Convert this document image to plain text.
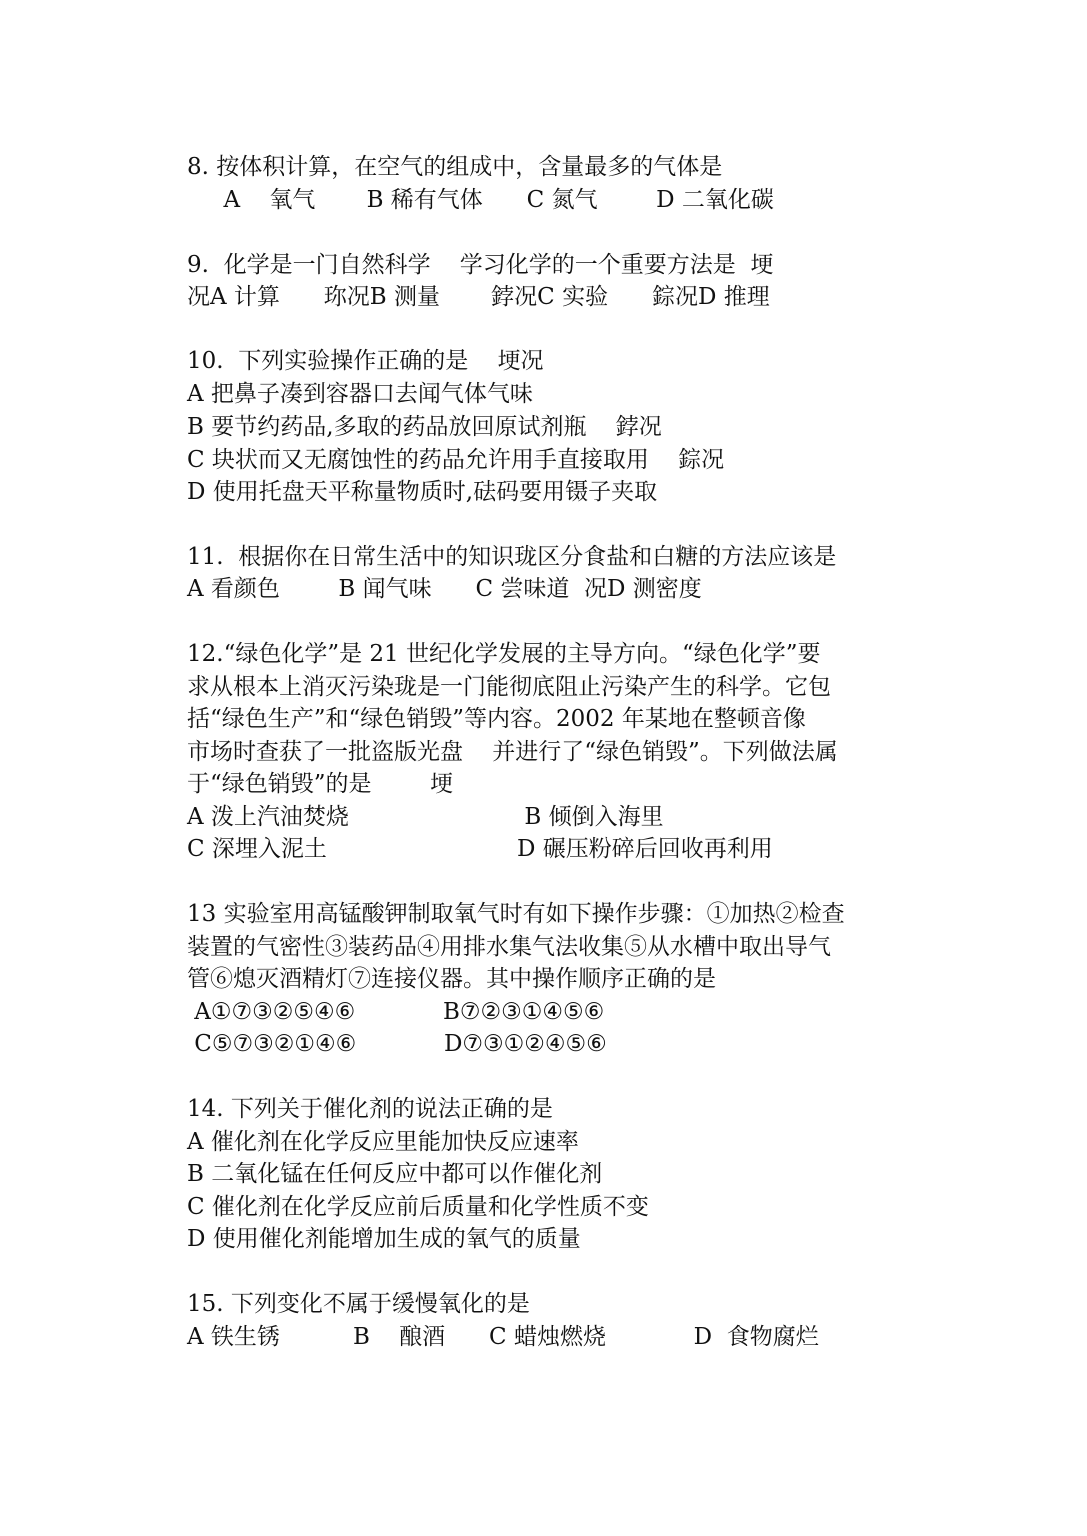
8. 按体积计算，在空气的组成中，含量最多的气体是
A    氧气       B 稀有气体      C 氮气        D 二氧化碳
9.  化学是一门自然科学    学习化学的一个重要方法是  埂
况A 计算      珎况B 测量       鋍况C 实验      錝况D 推理
10.  下列实验操作正确的是    埂况
A 把鼻子凑到容器口去闻气体气味
B 要节约药品,多取的药品放回原试剂瓶    鋍况
C 块状而又无腐蚀性的药品允许用手直接取用    錝况
D 使用托盘天平称量物质时,砝码要用镊子夹取
11.  根据你在日常生活中的知识珑区分食盐和白糖的方法应该是
A 看颜色        B 闻气味      C 尝味道  况D 测密度
12.“绿色化学”是 21 世纪化学发展的主导方向。“绿色化学”要
求从根本上消灭污染珑是一门能彻底阻止污染产生的科学。它包
括“绿色生产”和“绿色销毁”等内容。2002 年某地在整顿音像
市场时查获了一批盗版光盘    并进行了“绿色销毁”。下列做法属
于“绿色销毁”的是        埂
A 泼上汽油焚烧                        B 倾倒入海里
C 深埋入泥土                          D 碾压粉碎后回收再利用
13 实验室用高锰酸钾制取氧气时有如下操作步骤：①加热②检查
装置的气密性③装药品④用排水集气法收集⑤从水槽中取出导气
管⑥熄灭酒精灯⑦连接仪器。其中操作顺序正确的是
A①⑦③②⑤④⑥            B⑦②③①④⑤⑥
C⑤⑦③②①④⑥            D⑦③①②④⑤⑥
14. 下列关于催化剂的说法正确的是
A 催化剂在化学反应里能加快反应速率
B 二氧化锰在任何反应中都可以作催化剂
C 催化剂在化学反应前后质量和化学性质不变
D 使用催化剂能增加生成的氧气的质量
15. 下列变化不属于缓慢氧化的是
A 铁生锈          B    酿酒      C 蜡烛燃烧            D  食物腐烂
